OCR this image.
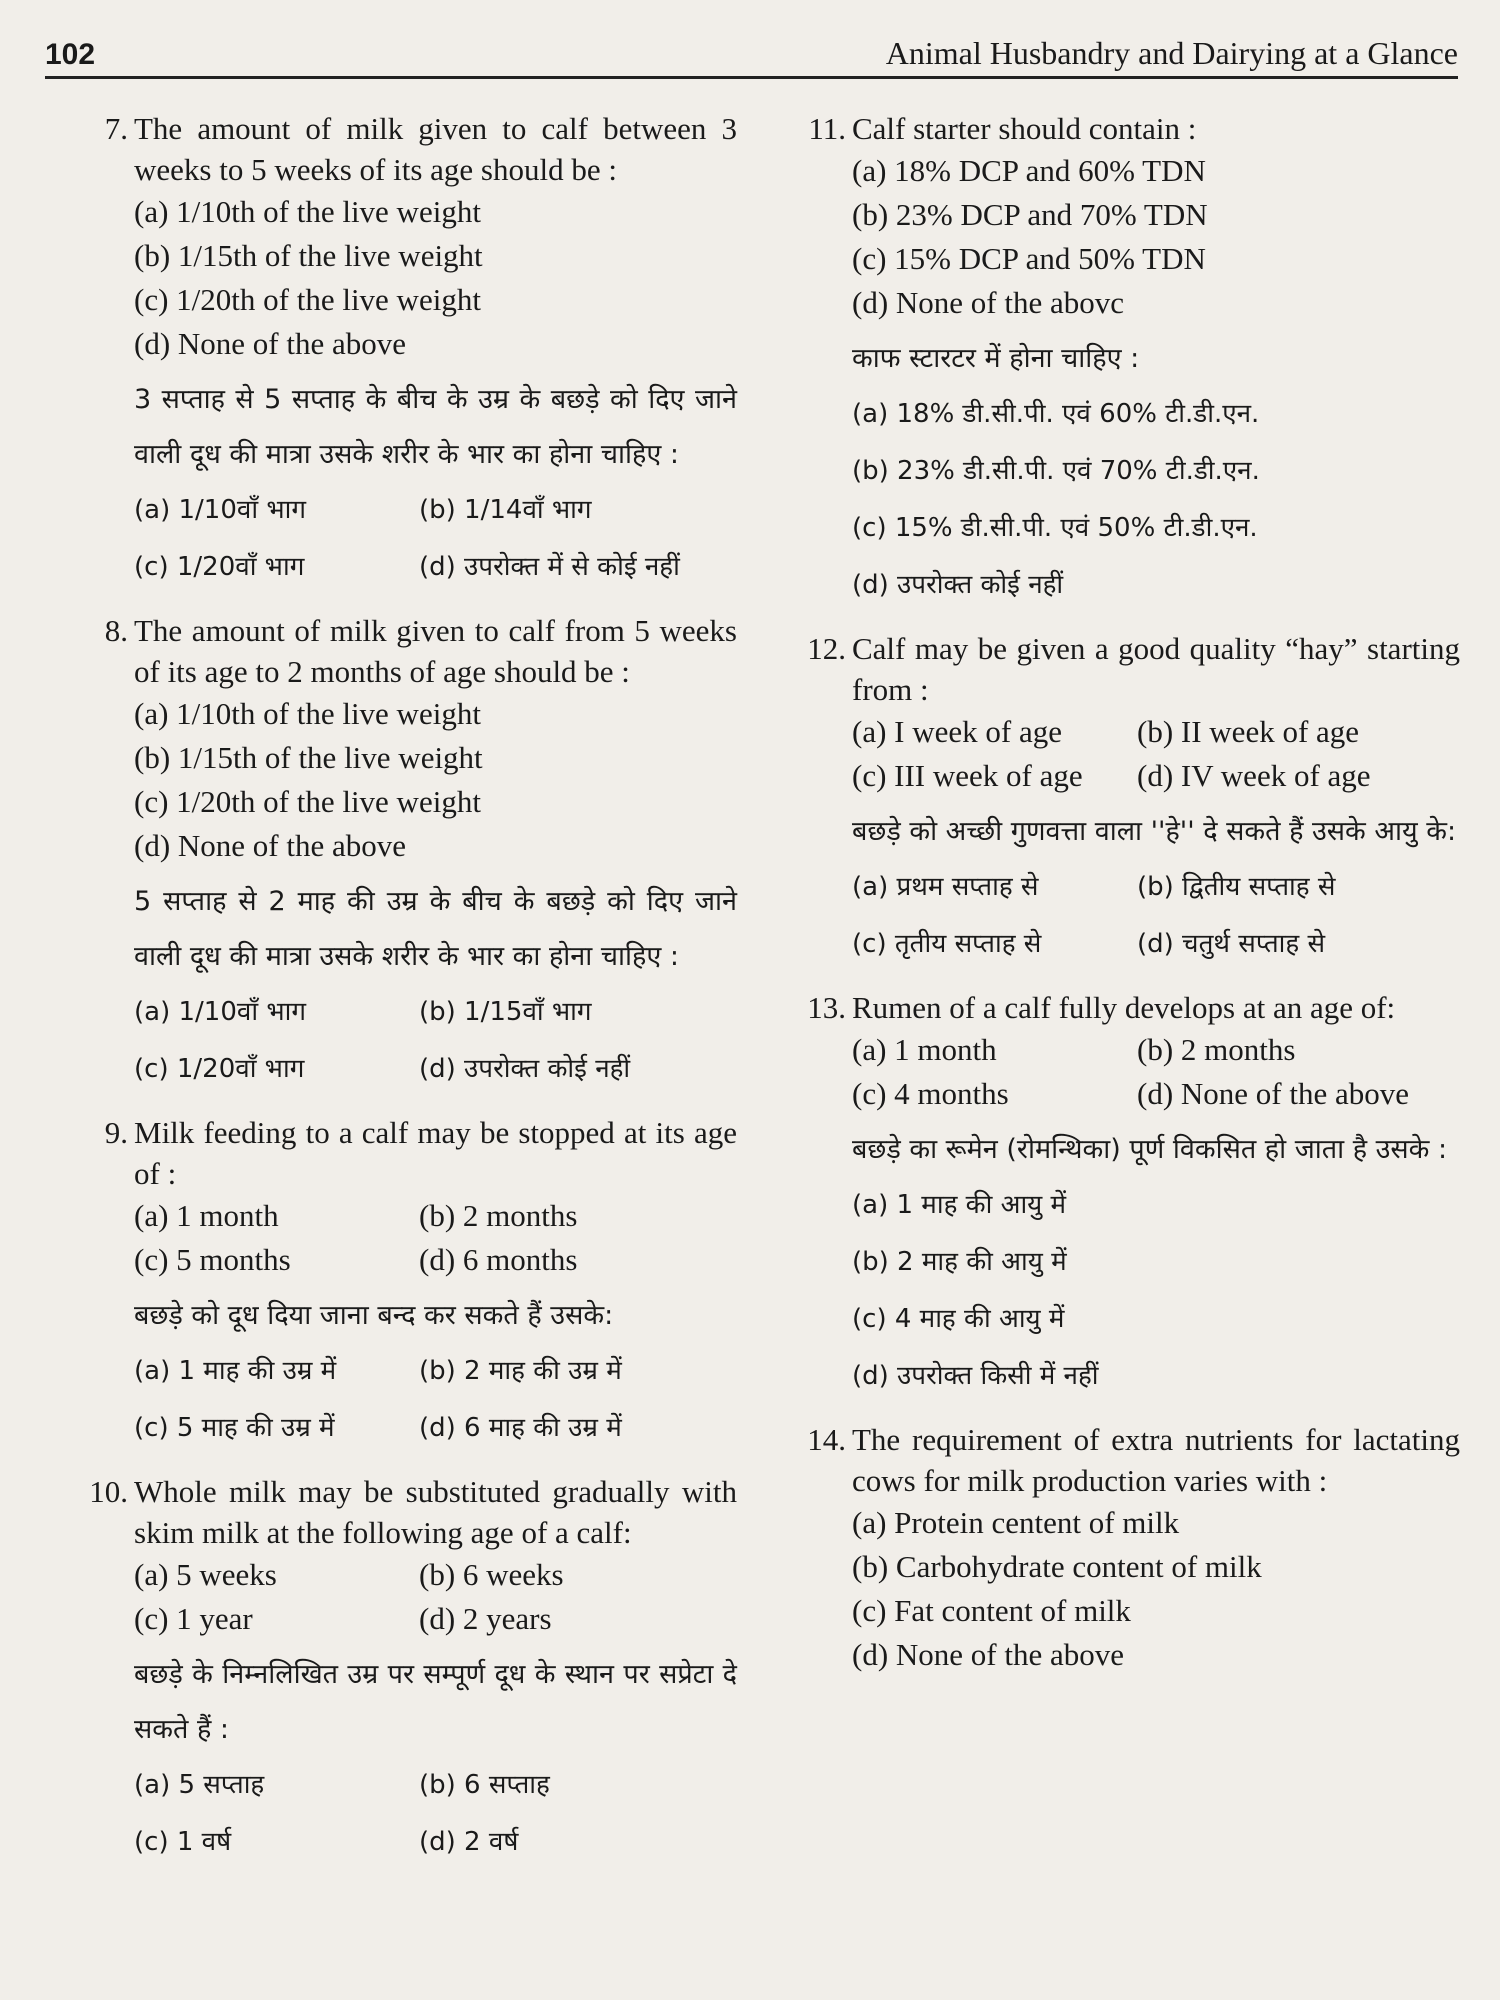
102	Animal Husbandry and Dairying at a Glance
7. The amount of milk given to calf between 3 weeks to 5 weeks of its age should be :
(a) 1/10th of the live weight
(b) 1/15th of the live weight
(c) 1/20th of the live weight
(d) None of the above
3 सप्ताह से 5 सप्ताह के बीच के उम्र के बछड़े को दिए जाने वाली दूध की मात्रा उसके शरीर के भार का होना चाहिए :
(a) 1/10वाँ भाग	(b) 1/14वाँ भाग
(c) 1/20वाँ भाग	(d) उपरोक्त में से कोई नहीं
8. The amount of milk given to calf from 5 weeks of its age to 2 months of age should be :
(a) 1/10th of the live weight
(b) 1/15th of the live weight
(c) 1/20th of the live weight
(d) None of the above
5 सप्ताह से 2 माह की उम्र के बीच के बछड़े को दिए जाने वाली दूध की मात्रा उसके शरीर के भार का होना चाहिए :
(a) 1/10वाँ भाग	(b) 1/15वाँ भाग
(c) 1/20वाँ भाग	(d) उपरोक्त कोई नहीं
9. Milk feeding to a calf may be stopped at its age of :
(a) 1 month	(b) 2 months
(c) 5 months	(d) 6 months
बछड़े को दूध दिया जाना बन्द कर सकते हैं उसके:
(a) 1 माह की उम्र में	(b) 2 माह की उम्र में
(c) 5 माह की उम्र में	(d) 6 माह की उम्र में
10. Whole milk may be substituted gradually with skim milk at the following age of a calf:
(a) 5 weeks	(b) 6 weeks
(c) 1 year	(d) 2 years
बछड़े के निम्नलिखित उम्र पर सम्पूर्ण दूध के स्थान पर सप्रेटा दे सकते हैं :
(a) 5 सप्ताह	(b) 6 सप्ताह
(c) 1 वर्ष	(d) 2 वर्ष
11. Calf starter should contain :
(a) 18% DCP and 60% TDN
(b) 23% DCP and 70% TDN
(c) 15% DCP and 50% TDN
(d) None of the abovc
काफ स्टारटर में होना चाहिए :
(a) 18% डी.सी.पी. एवं 60% टी.डी.एन.
(b) 23% डी.सी.पी. एवं 70% टी.डी.एन.
(c) 15% डी.सी.पी. एवं 50% टी.डी.एन.
(d) उपरोक्त कोई नहीं
12. Calf may be given a good quality “hay” starting from :
(a) I week of age	(b) II week of age
(c) III week of age	(d) IV week of age
बछड़े को अच्छी गुणवत्ता वाला ''हे'' दे सकते हैं उसके आयु के:
(a) प्रथम सप्ताह से	(b) द्वितीय सप्ताह से
(c) तृतीय सप्ताह से	(d) चतुर्थ सप्ताह से
13. Rumen of a calf fully develops at an age of:
(a) 1 month	(b) 2 months
(c) 4 months	(d) None of the above
बछड़े का रूमेन (रोमन्थिका) पूर्ण विकसित हो जाता है उसके :
(a) 1 माह की आयु में
(b) 2 माह की आयु में
(c) 4 माह की आयु में
(d) उपरोक्त किसी में नहीं
14. The requirement of extra nutrients for lactating cows for milk production varies with :
(a) Protein centent of milk
(b) Carbohydrate content of milk
(c) Fat content of milk
(d) None of the above
